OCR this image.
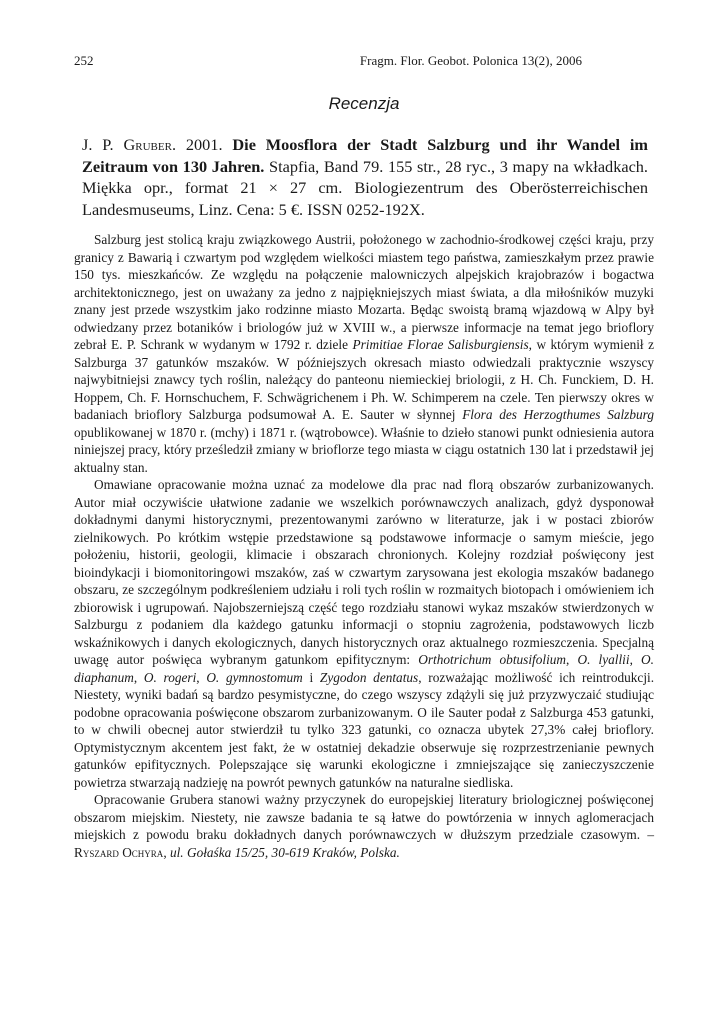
252	Fragm. Flor. Geobot. Polonica 13(2), 2006
Recenzja
J. P. Gruber. 2001. Die Moosflora der Stadt Salzburg und ihr Wandel im Zeitraum von 130 Jahren. Stapfia, Band 79. 155 str., 28 ryc., 3 mapy na wkładkach. Miękka opr., format 21 × 27 cm. Biologiezentrum des Oberösterreichischen Landesmuseums, Linz. Cena: 5 €. ISSN 0252-192X.

Salzburg jest stolicą kraju związkowego Austrii, położonego w zachodnio-środkowej części kraju, przy granicy z Bawarią i czwartym pod względem wielkości miastem tego państwa, zamieszkałym przez prawie 150 tys. mieszkańców. Ze względu na połączenie malowniczych alpejskich krajobrazów i bogactwa architektonicznego, jest on uważany za jedno z najpiękniejszych miast świata, a dla miłośników muzyki znany jest przede wszystkim jako rodzinne miasto Mozarta. Będąc swoistą bramą wjazdową w Alpy był odwiedzany przez botaników i briologów już w XVIII w., a pierwsze informacje na temat jego brioflory zebrał E. P. Schrank w wydanym w 1792 r. dziele Primitiae Florae Salisburgiensis, w którym wymienił z Salzburga 37 gatunków mszaków. W późniejszych okresach miasto odwiedzali praktycznie wszyscy najwybitniejsi znawcy tych roślin, należący do panteonu niemieckiej briologii, z H. Ch. Funckiem, D. H. Hoppem, Ch. F. Hornschuchem, F. Schwägrichenem i Ph. W. Schimperem na czele. Ten pierwszy okres w badaniach brioflory Salzburga podsumował A. E. Sauter w słynnej Flora des Herzogthumes Salzburg opublikowanej w 1870 r. (mchy) i 1871 r. (wątrobowce). Właśnie to dzieło stanowi punkt odniesienia autora niniejszej pracy, który prześledził zmiany w brioflorze tego miasta w ciągu ostatnich 130 lat i przedstawił jej aktualny stan.

Omawiane opracowanie można uznać za modelowe dla prac nad florą obszarów zurbanizowanych. Autor miał oczywiście ułatwione zadanie we wszelkich porównawczych analizach, gdyż dysponował dokładnymi danymi historycznymi, prezentowanymi zarówno w literaturze, jak i w postaci zbiorów zielnikowych. Po krótkim wstępie przedstawione są podstawowe informacje o samym mieście, jego położeniu, historii, geologii, klimacie i obszarach chronionych. Kolejny rozdział poświęcony jest bioindykacji i biomonitoringowi mszaków, zaś w czwartym zarysowana jest ekologia mszaków badanego obszaru, ze szczególnym podkreśleniem udziału i roli tych roślin w rozmaitych biotopach i omówieniem ich zbiorowisk i ugrupowań. Najobszerniejszą część tego rozdziału stanowi wykaz mszaków stwierdzonych w Salzburgu z podaniem dla każdego gatunku informacji o stopniu zagrożenia, podstawowych liczb wskaźnikowych i danych ekologicznych, danych historycznych oraz aktualnego rozmieszczenia. Specjalną uwagę autor poświęca wybranym gatunkom epifitycznym: Orthotrichum obtusifolium, O. lyallii, O. diaphanum, O. rogeri, O. gymnostomum i Zygodon dentatus, rozważając możliwość ich reintrodukcji. Niestety, wyniki badań są bardzo pesymistyczne, do czego wszyscy zdążyli się już przyzwyczaić studiując podobne opracowania poświęcone obszarom zurbanizowanym. O ile Sauter podał z Salzburga 453 gatunki, to w chwili obecnej autor stwierdził tu tylko 323 gatunki, co oznacza ubytek 27,3% całej brioflory. Optymistycznym akcentem jest fakt, że w ostatniej dekadzie obserwuje się rozprzestrzenianie pewnych gatunków epifitycznych. Polepszające się warunki ekologiczne i zmniejszające się zanieczyszczenie powietrza stwarzają nadzieję na powrót pewnych gatunków na naturalne siedliska.

Opracowanie Grubera stanowi ważny przyczynek do europejskiej literatury briologicznej poświęconej obszarom miejskim. Niestety, nie zawsze badania te są łatwe do powtórzenia w innych aglomeracjach miejskich z powodu braku dokładnych danych porównawczych w dłuższym przedziale czasowym. – Ryszard Ochyra, ul. Gołaśka 15/25, 30-619 Kraków, Polska.
